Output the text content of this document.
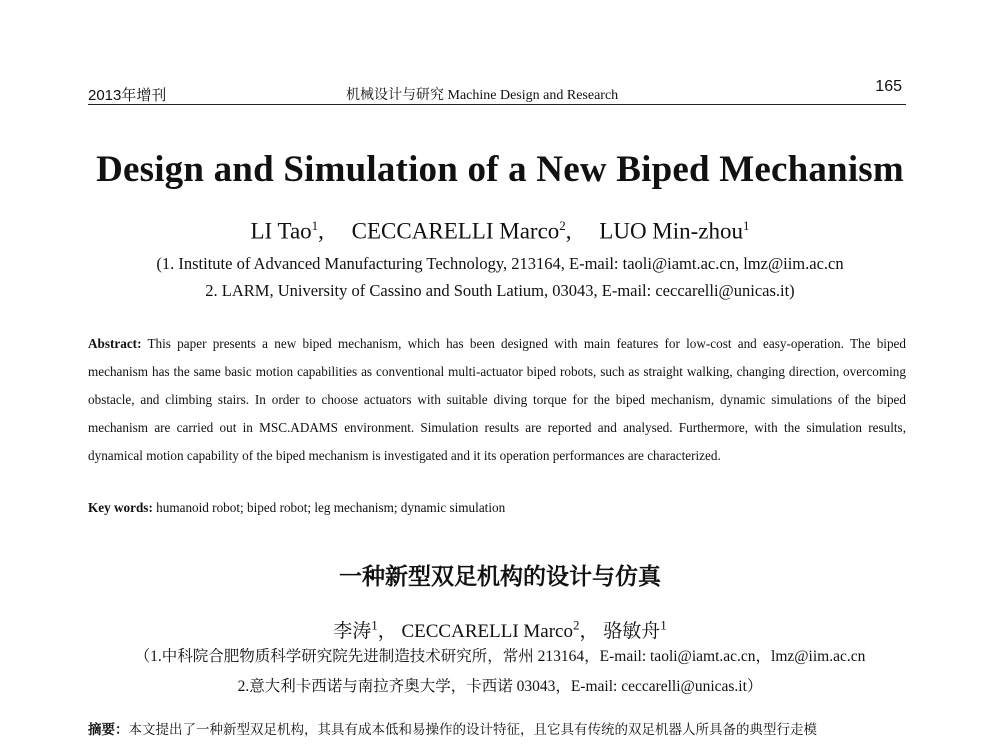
2013年增刊	机械设计与研究 Machine Design and Research
165
Design and Simulation of a New Biped Mechanism
LI Tao$^1$, CECCARELLI Marco$^2$, LUO Min-zhou$^1$
(1. Institute of Advanced Manufacturing Technology, 213164, E-mail: taoli@iamt.ac.cn, lmz@iim.ac.cn
2. LARM, University of Cassino and South Latium, 03043, E-mail: ceccarelli@unicas.it)
Abstract: This paper presents a new biped mechanism, which has been designed with main features for low-cost and easy-operation. The biped mechanism has the same basic motion capabilities as conventional multi-actuator biped robots, such as straight walking, changing direction, overcoming obstacle, and climbing stairs. In order to choose actuators with suitable diving torque for the biped mechanism, dynamic simulations of the biped mechanism are carried out in MSC.ADAMS environment. Simulation results are reported and analysed. Furthermore, with the simulation results, dynamical motion capability of the biped mechanism is investigated and it its operation performances are characterized.
Key words: humanoid robot; biped robot; leg mechanism; dynamic simulation
一种新型双足机构的设计与仿真
李涛$^1$， CECCARELLI Marco$^2$， 骆敏舟$^1$
（1.中科院合肥物质科学研究院先进制造技术研究所，常州 213164，E-mail: taoli@iamt.ac.cn，lmz@iim.ac.cn
2.意大利卡西诺与南拉齐奥大学，卡西诺 03043，E-mail: ceccarelli@unicas.it）
摘要：本文提出了一种新型双足机构，其具有成本低和易操作的设计特征，且它具有传统的双足机器人所具备的典型行走模
